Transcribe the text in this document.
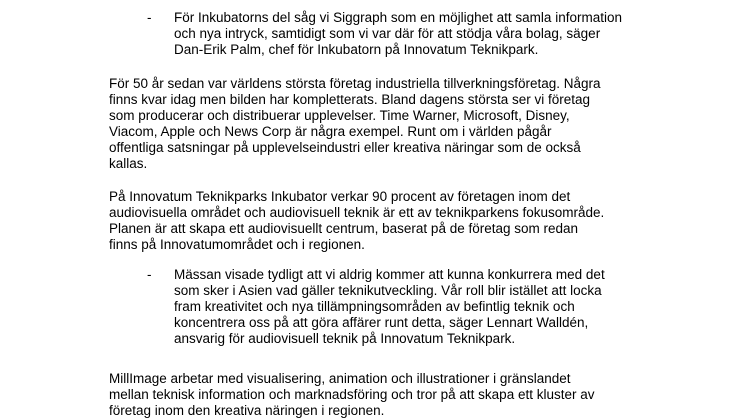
- För Inkubatorns del såg vi Siggraph som en möjlighet att samla information
och nya intryck, samtidigt som vi var där för att stödja våra bolag, säger
Dan-Erik Palm, chef för Inkubatorn på Innovatum Teknikpark.
För 50 år sedan var världens största företag industriella tillverkningsföretag. Några
finns kvar idag men bilden har kompletterats. Bland dagens största ser vi företag
som producerar och distribuerar upplevelser. Time Warner, Microsoft, Disney,
Viacom, Apple och News Corp är några exempel. Runt om i världen pågår
offentliga satsningar på upplevelseindustri eller kreativa näringar som de också
kallas.
På Innovatum Teknikparks Inkubator verkar 90 procent av företagen inom det
audiovisuella området och audiovisuell teknik är ett av teknikparkens fokusområde.
Planen är att skapa ett audiovisuellt centrum, baserat på de företag som redan
finns på Innovatumområdet och i regionen.
- Mässan visade tydligt att vi aldrig kommer att kunna konkurrera med det
som sker i Asien vad gäller teknikutveckling. Vår roll blir istället att locka
fram kreativitet och nya tillämpningsområden av befintlig teknik och
koncentrera oss på att göra affärer runt detta, säger Lennart Walldén,
ansvarig för audiovisuell teknik på Innovatum Teknikpark.
MillImage arbetar med visualisering, animation och illustrationer i gränslandet
mellan teknisk information och marknadsföring och tror på att skapa ett kluster av
företag inom den kreativa näringen i regionen.
